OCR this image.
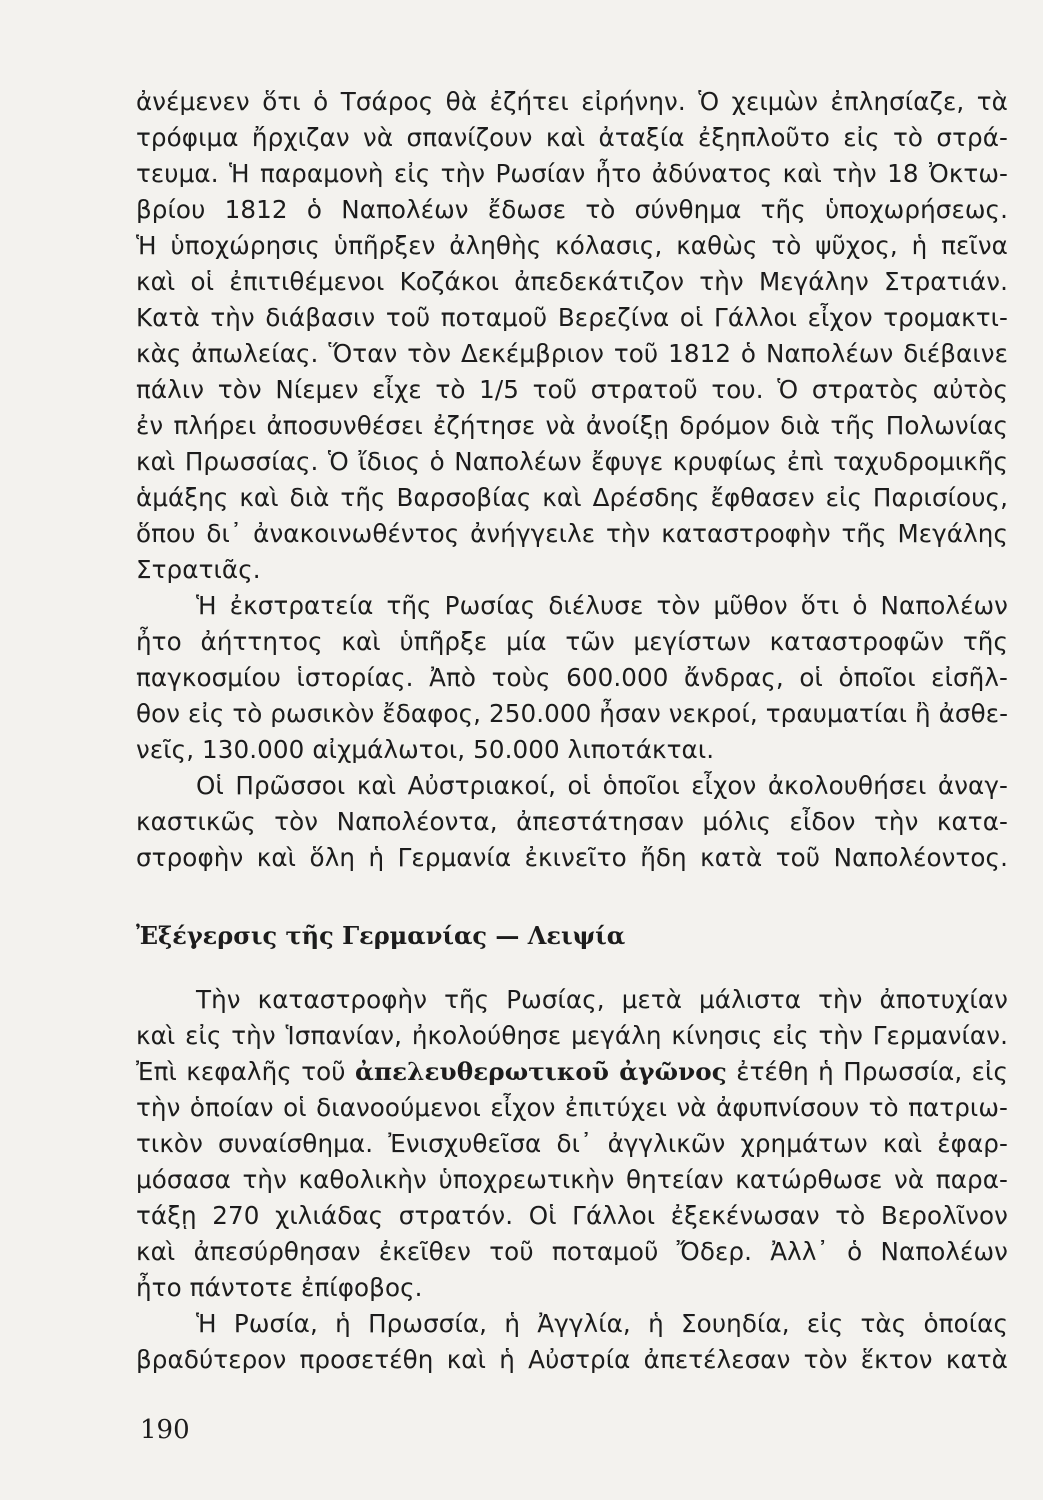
ἀνέμενεν ὅτι ὁ Τσάρος θὰ ἐζήτει εἰρήνην. Ὁ χειμὼν ἐπλησίαζε, τὰ
τρόφιμα ἤρχιζαν νὰ σπανίζουν καὶ ἀταξία ἐξηπλοῦτο εἰς τὸ στρά-
τευμα. Ἡ παραμονὴ εἰς τὴν Ρωσίαν ἦτο ἀδύνατος καὶ τὴν 18 Ὀκτω-
βρίου 1812 ὁ Ναπολέων ἔδωσε τὸ σύνθημα τῆς ὑποχωρήσεως.
Ἡ ὑποχώρησις ὑπῆρξεν ἀληθὴς κόλασις, καθὼς τὸ ψῦχος, ἡ πεῖνα
καὶ οἱ ἐπιτιθέμενοι Κοζάκοι ἀπεδεκάτιζον τὴν Μεγάλην Στρατιάν.
Κατὰ τὴν διάβασιν τοῦ ποταμοῦ Βερεζίνα οἱ Γάλλοι εἶχον τρομακτι-
κὰς ἀπωλείας. Ὅταν τὸν Δεκέμβριον τοῦ 1812 ὁ Ναπολέων διέβαινε
πάλιν τὸν Νίεμεν εἶχε τὸ 1/5 τοῦ στρατοῦ του. Ὁ στρατὸς αὐτὸς
ἐν πλήρει ἀποσυνθέσει ἐζήτησε νὰ ἀνοίξῃ δρόμον διὰ τῆς Πολωνίας
καὶ Πρωσσίας. Ὁ ἴδιος ὁ Ναπολέων ἔφυγε κρυφίως ἐπὶ ταχυδρομικῆς
ἁμάξης καὶ διὰ τῆς Βαρσοβίας καὶ Δρέσδης ἔφθασεν εἰς Παρισίους,
ὅπου δι᾽ ἀνακοινωθέντος ἀνήγγειλε τὴν καταστροφὴν τῆς Μεγάλης
Στρατιᾶς.
Ἡ ἐκστρατεία τῆς Ρωσίας διέλυσε τὸν μῦθον ὅτι ὁ Ναπολέων
ἦτο ἀήττητος καὶ ὑπῆρξε μία τῶν μεγίστων καταστροφῶν τῆς
παγκοσμίου ἱστορίας. Ἀπὸ τοὺς 600.000 ἄνδρας, οἱ ὁποῖοι εἰσῆλ-
θον εἰς τὸ ρωσικὸν ἔδαφος, 250.000 ἦσαν νεκροί, τραυματίαι ἢ ἀσθε-
νεῖς, 130.000 αἰχμάλωτοι, 50.000 λιποτάκται.
Οἱ Πρῶσσοι καὶ Αὐστριακοί, οἱ ὁποῖοι εἶχον ἀκολουθήσει ἀναγ-
καστικῶς τὸν Ναπολέοντα, ἀπεστάτησαν μόλις εἶδον τὴν κατα-
στροφὴν καὶ ὅλη ἡ Γερμανία ἐκινεῖτο ἤδη κατὰ τοῦ Ναπολέοντος.
Ἐξέγερσις τῆς Γερμανίας — Λειψία
Τὴν καταστροφὴν τῆς Ρωσίας, μετὰ μάλιστα τὴν ἀποτυχίαν
καὶ εἰς τὴν Ἱσπανίαν, ἠκολούθησε μεγάλη κίνησις εἰς τὴν Γερμανίαν.
Ἐπὶ κεφαλῆς τοῦ ἀπελευθερωτικοῦ ἀγῶνος ἐτέθη ἡ Πρωσσία, εἰς
τὴν ὁποίαν οἱ διανοούμενοι εἶχον ἐπιτύχει νὰ ἀφυπνίσουν τὸ πατριω-
τικὸν συναίσθημα. Ἐνισχυθεῖσα δι᾽ ἀγγλικῶν χρημάτων καὶ ἐφαρ-
μόσασα τὴν καθολικὴν ὑποχρεωτικὴν θητείαν κατώρθωσε νὰ παρα-
τάξῃ 270 χιλιάδας στρατόν. Οἱ Γάλλοι ἐξεκένωσαν τὸ Βερολῖνον
καὶ ἀπεσύρθησαν ἐκεῖθεν τοῦ ποταμοῦ Ὄδερ. Ἀλλ᾽ ὁ Ναπολέων
ἦτο πάντοτε ἐπίφοβος.
Ἡ Ρωσία, ἡ Πρωσσία, ἡ Ἀγγλία, ἡ Σουηδία, εἰς τὰς ὁποίας
βραδύτερον προσετέθη καὶ ἡ Αὐστρία ἀπετέλεσαν τὸν ἕκτον κατὰ
190
